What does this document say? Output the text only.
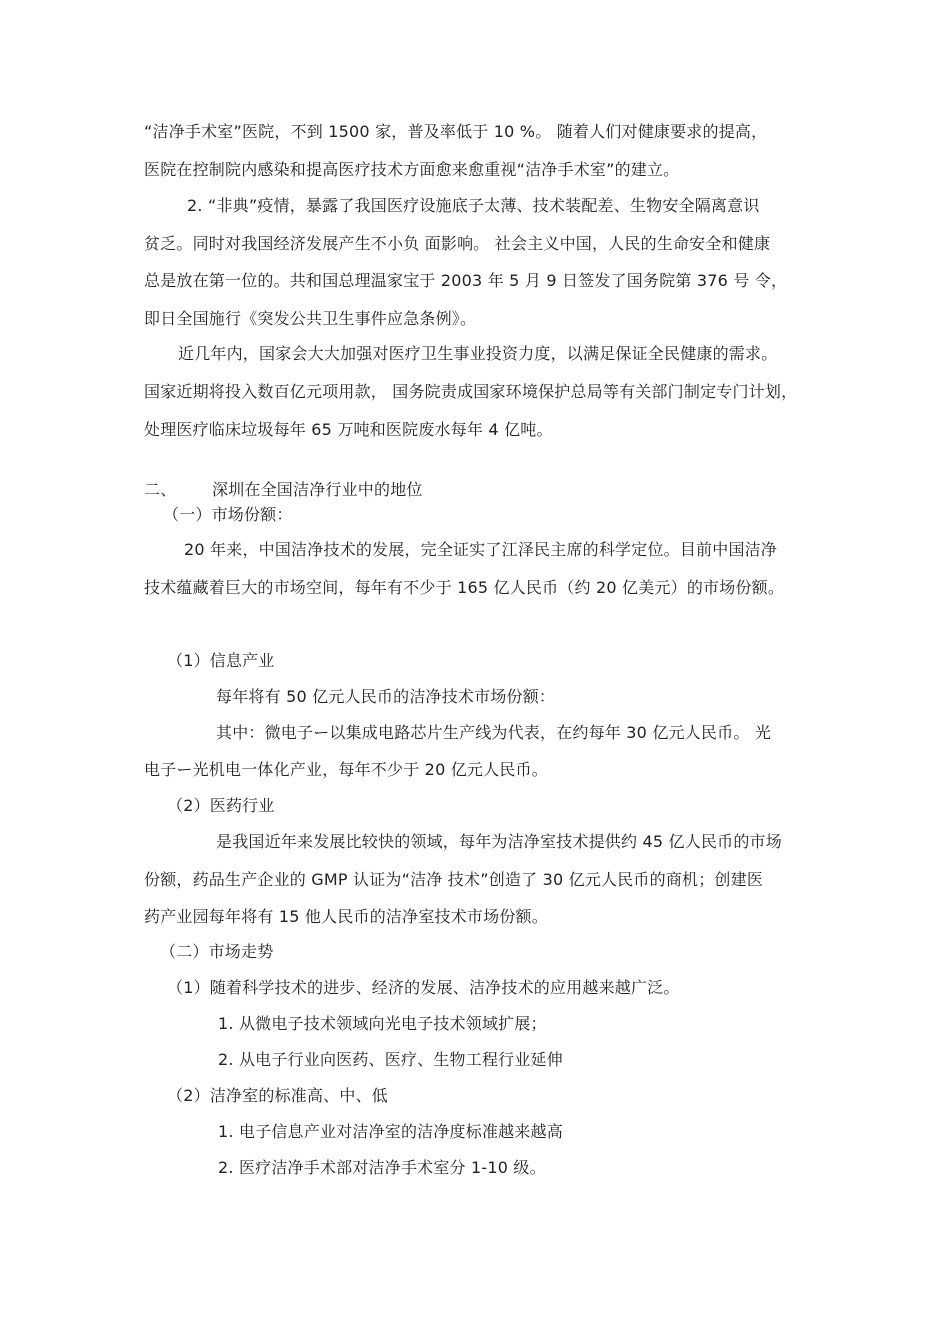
“洁净手术室”医院，不到 1500 家，普及率低于 10 %。 随着人们对健康要求的提高，
医院在控制院内感染和提高医疗技术方面愈来愈重视“洁净手术室”的建立。
2. “非典”疫情，暴露了我国医疗设施底子太薄、技术装配差、生物安全隔离意识
贫乏。同时对我国经济发展产生不小负 面影响。 社会主义中国，人民的生命安全和健康
总是放在第一位的。共和国总理温家宝于 2003 年 5 月 9 日签发了国务院第 376 号 令，
即日全国施行《突发公共卫生事件应急条例》。
近几年内，国家会大大加强对医疗卫生事业投资力度，以满足保证全民健康的需求。
国家近期将投入数百亿元项用款， 国务院责成国家环境保护总局等有关部门制定专门计划，
处理医疗临床垃圾每年 65 万吨和医院废水每年 4 亿吨。
二、 深圳在全国洁净行业中的地位
（一）市场份额：
20 年来，中国洁净技术的发展，完全证实了江泽民主席的科学定位。目前中国洁净
技术蕴藏着巨大的市场空间，每年有不少于 165 亿人民币（约 20 亿美元）的市场份额。
（1）信息产业
每年将有 50 亿元人民币的洁净技术市场份额：
其中：微电子ー以集成电路芯片生产线为代表，在约每年 30 亿元人民币。 光
电子ー光机电一体化产业，每年不少于 20 亿元人民币。
（2）医药行业
是我国近年来发展比较快的领域，每年为洁净室技术提供约 45 亿人民币的市场
份额，药品生产企业的 GMP 认证为“洁净 技术”创造了 30 亿元人民币的商机；创建医
药产业园每年将有 15 他人民币的洁净室技术市场份额。
（二）市场走势
（1）随着科学技术的进步、经济的发展、洁净技术的应用越来越广泛。
1. 从微电子技术领域向光电子技术领域扩展；
2. 从电子行业向医药、医疗、生物工程行业延伸
（2）洁净室的标准高、中、低
1. 电子信息产业对洁净室的洁净度标准越来越高
2. 医疗洁净手术部对洁净手术室分 1-10 级。
